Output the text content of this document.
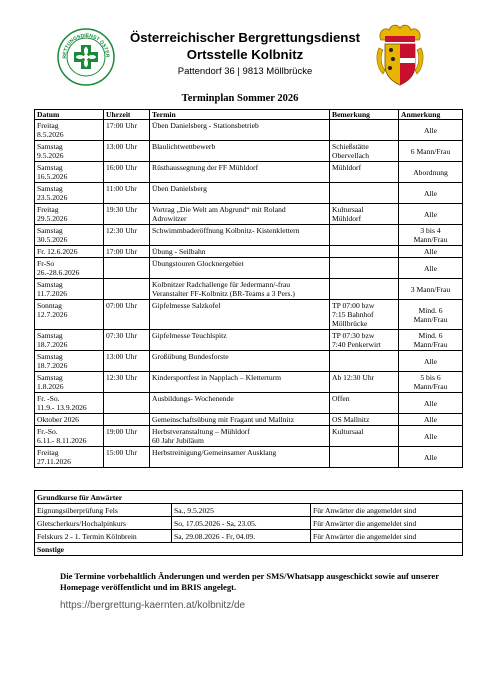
RETTUNGSDIENST ÖSTER
Österreichischer Bergrettungsdienst
Ortsstelle Kolbnitz
Pattendorf 36 | 9813 Möllbrücke
Terminplan Sommer 2026
Datum	Uhrzeit	Termin	Bemerkung	Anmerkung
Freitag
8.5.2026	17:00 Uhr	Üben Danielsberg - Stationsbetrieb		Alle
Samstag
9.5.2026	13:00 Uhr	Blaulichtwettbewerb	Schießstätte
Obervellach	6 Mann/Frau
Samstag
16.5.2026	16:00 Uhr	Rüsthaussegnung der FF Mühldorf	Mühldorf	Abordnung
Samstag
23.5.2026	11:00 Uhr	Üben Danielsberg		Alle
Freitag
29.5.2026	19:30 Uhr	Vortrag „Die Welt am Abgrund“ mit Roland
Adrowitzer	Kultursaal
Mühldorf	Alle
Samstag
30.5.2026	12:30 Uhr	Schwimmbaderöffnung Kolbnitz- Kistenklettern		3 bis 4
Mann/Frau
Fr. 12.6.2026	17:00 Uhr	Übung - Seilbahn		Alle
Fr-So
26.-28.6.2026		Übungstouren Glocknergebiet		Alle
Samstag
11.7.2026		Kolbnitzer Radchallenge für Jedermann/-frau
Veranstalter FF-Kolbnitz (BR-Teams a 3 Pers.)		3 Mann/Frau
Sonntag
12.7.2026	07:00 Uhr	Gipfelmesse Salzkofel	TP 07:00 bzw
7:15 Bahnhof
Möllbrücke	Mind. 6
Mann/Frau
Samstag
18.7.2026	07:30 Uhr	Gipfelmesse Teuchlspitz	TP 07:30 bzw
7:40 Penkerwirt	Mind. 6
Mann/Frau
Samstag
18.7.2026	13:00 Uhr	Großübung Bundesforste		Alle
Samstag
1.8.2026	12:30 Uhr	Kindersportfest in Napplach – Kletterturm	Ab 12:30 Uhr	5 bis 6
Mann/Frau
Fr. -So.
11.9.- 13.9.2026		Ausbildungs- Wochenende	Offen	Alle
Oktober 2026		Gemeinschaftsübung mit Fragant und Mallnitz	OS Mallnitz	Alle
Fr.-So.
6.11.- 8.11.2026	19:00 Uhr	Herbstveranstaltung – Mühldorf
60 Jahr Jubiläum	Kultursaal	Alle
Freitag
27.11.2026	15:00 Uhr	Herbstreinigung/Gemeinsamer Ausklang		Alle
Grundkurse für Anwärter		
Eignungsüberprüfung Fels	Sa., 9.5.2025	Für Anwärter die angemeldet sind
Gletscherkurs/Hochalpinkurs	So, 17.05.2026 - Sa, 23.05.	Für Anwärter die angemeldet sind
Felskurs 2 - 1. Termin Kölnbrein	Sa, 29.08.2026 - Fr, 04.09.	Für Anwärter die angemeldet sind
Sonstige		
Die Termine vorbehaltlich Änderungen und werden per SMS/Whatsapp ausgeschickt sowie auf unserer Homepage veröffentlicht und im BRIS angelegt.
https://bergrettung-kaernten.at/kolbnitz/de
